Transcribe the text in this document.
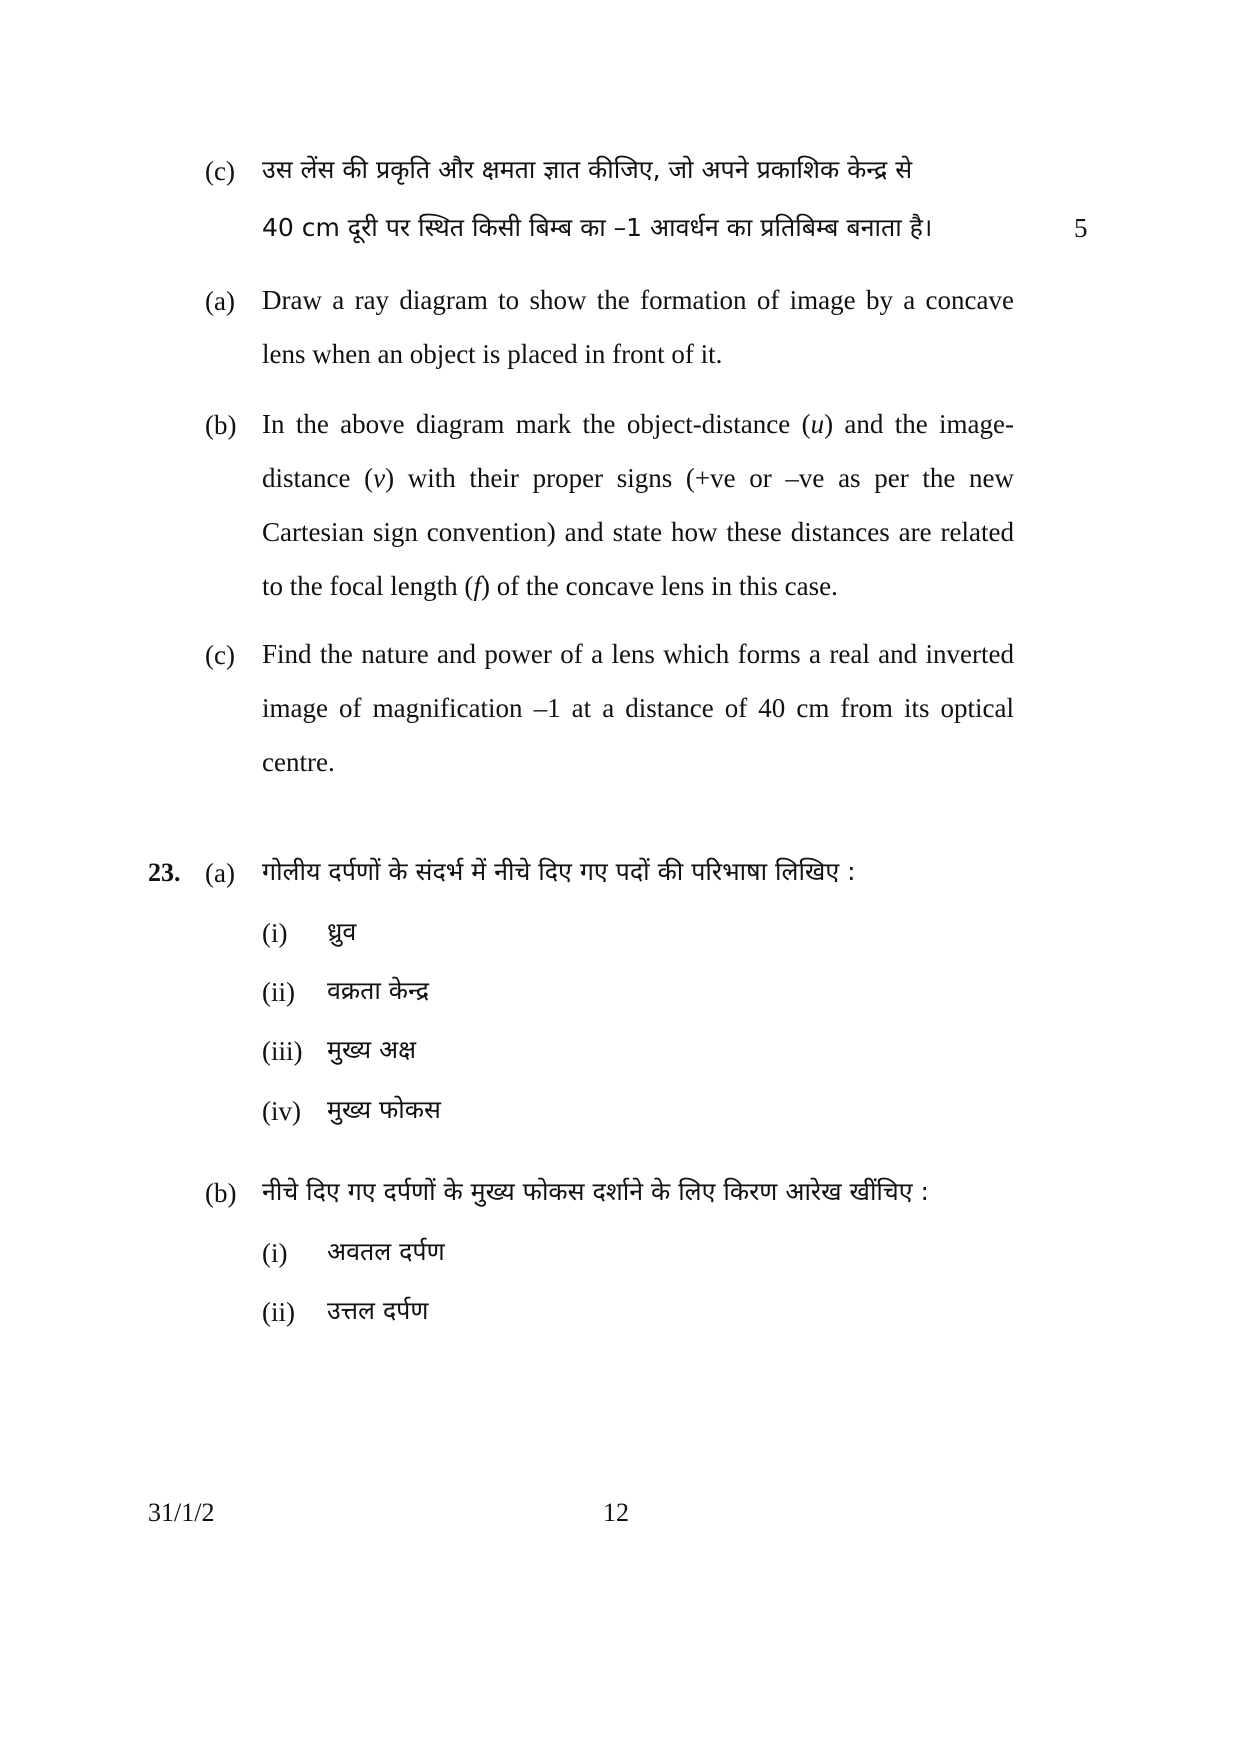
(c) उस लेंस की प्रकृति और क्षमता ज्ञात कीजिए, जो अपने प्रकाशिक केन्द्र से
40 cm दूरी पर स्थित किसी बिम्ब का –1 आवर्धन का प्रतिबिम्ब बनाता है।	5
(a) Draw a ray diagram to show the formation of image by a concave lens when an object is placed in front of it.
(b) In the above diagram mark the object-distance (u) and the image-distance (v) with their proper signs (+ve or –ve as per the new Cartesian sign convention) and state how these distances are related to the focal length (f) of the concave lens in this case.
(c) Find the nature and power of a lens which forms a real and inverted image of magnification –1 at a distance of 40 cm from its optical centre.
23. (a) गोलीय दर्पणों के संदर्भ में नीचे दिए गए पदों की परिभाषा लिखिए :
(i) ध्रुव
(ii) वक्रता केन्द्र
(iii) मुख्य अक्ष
(iv) मुख्य फोकस
(b) नीचे दिए गए दर्पणों के मुख्य फोकस दर्शाने के लिए किरण आरेख खींचिए :
(i) अवतल दर्पण
(ii) उत्तल दर्पण
31/1/2	12
